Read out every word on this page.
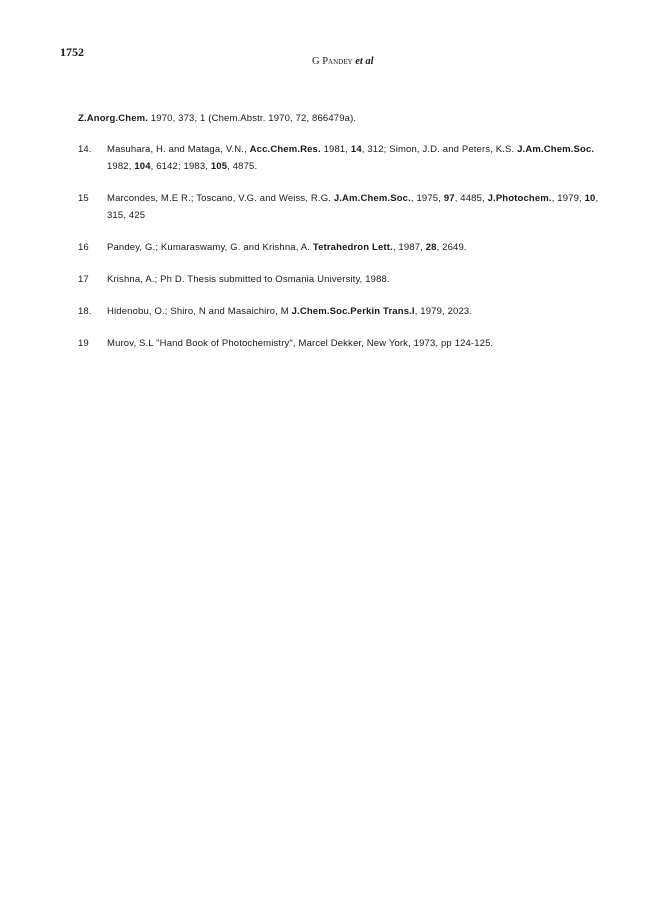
1752
G Pandey et al
Z.Anorg.Chem. 1970, 373, 1 (Chem.Abstr. 1970, 72, 866479a).
14.	Masuhara, H. and Mataga, V.N., Acc.Chem.Res. 1981, 14, 312; Simon, J.D. and Peters, K.S. J.Am.Chem.Soc. 1982, 104, 6142; 1983, 105, 4875.
15	Marcondes, M.E R.; Toscano, V.G. and Weiss, R.G. J.Am.Chem.Soc., 1975, 97, 4485, J.Photochem., 1979, 10, 315, 425
16	Pandey, G.; Kumaraswamy, G. and Krishna, A. Tetrahedron Lett., 1987, 28, 2649.
17	Krishna, A.; Ph D. Thesis submitted to Osmania University, 1988.
18.	Hidenobu, O.; Shiro, N and Masaichiro, M J.Chem.Soc.Perkin Trans.I, 1979, 2023.
19	Murov, S.L "Hand Book of Photochemistry", Marcel Dekker, New York, 1973, pp 124-125.
